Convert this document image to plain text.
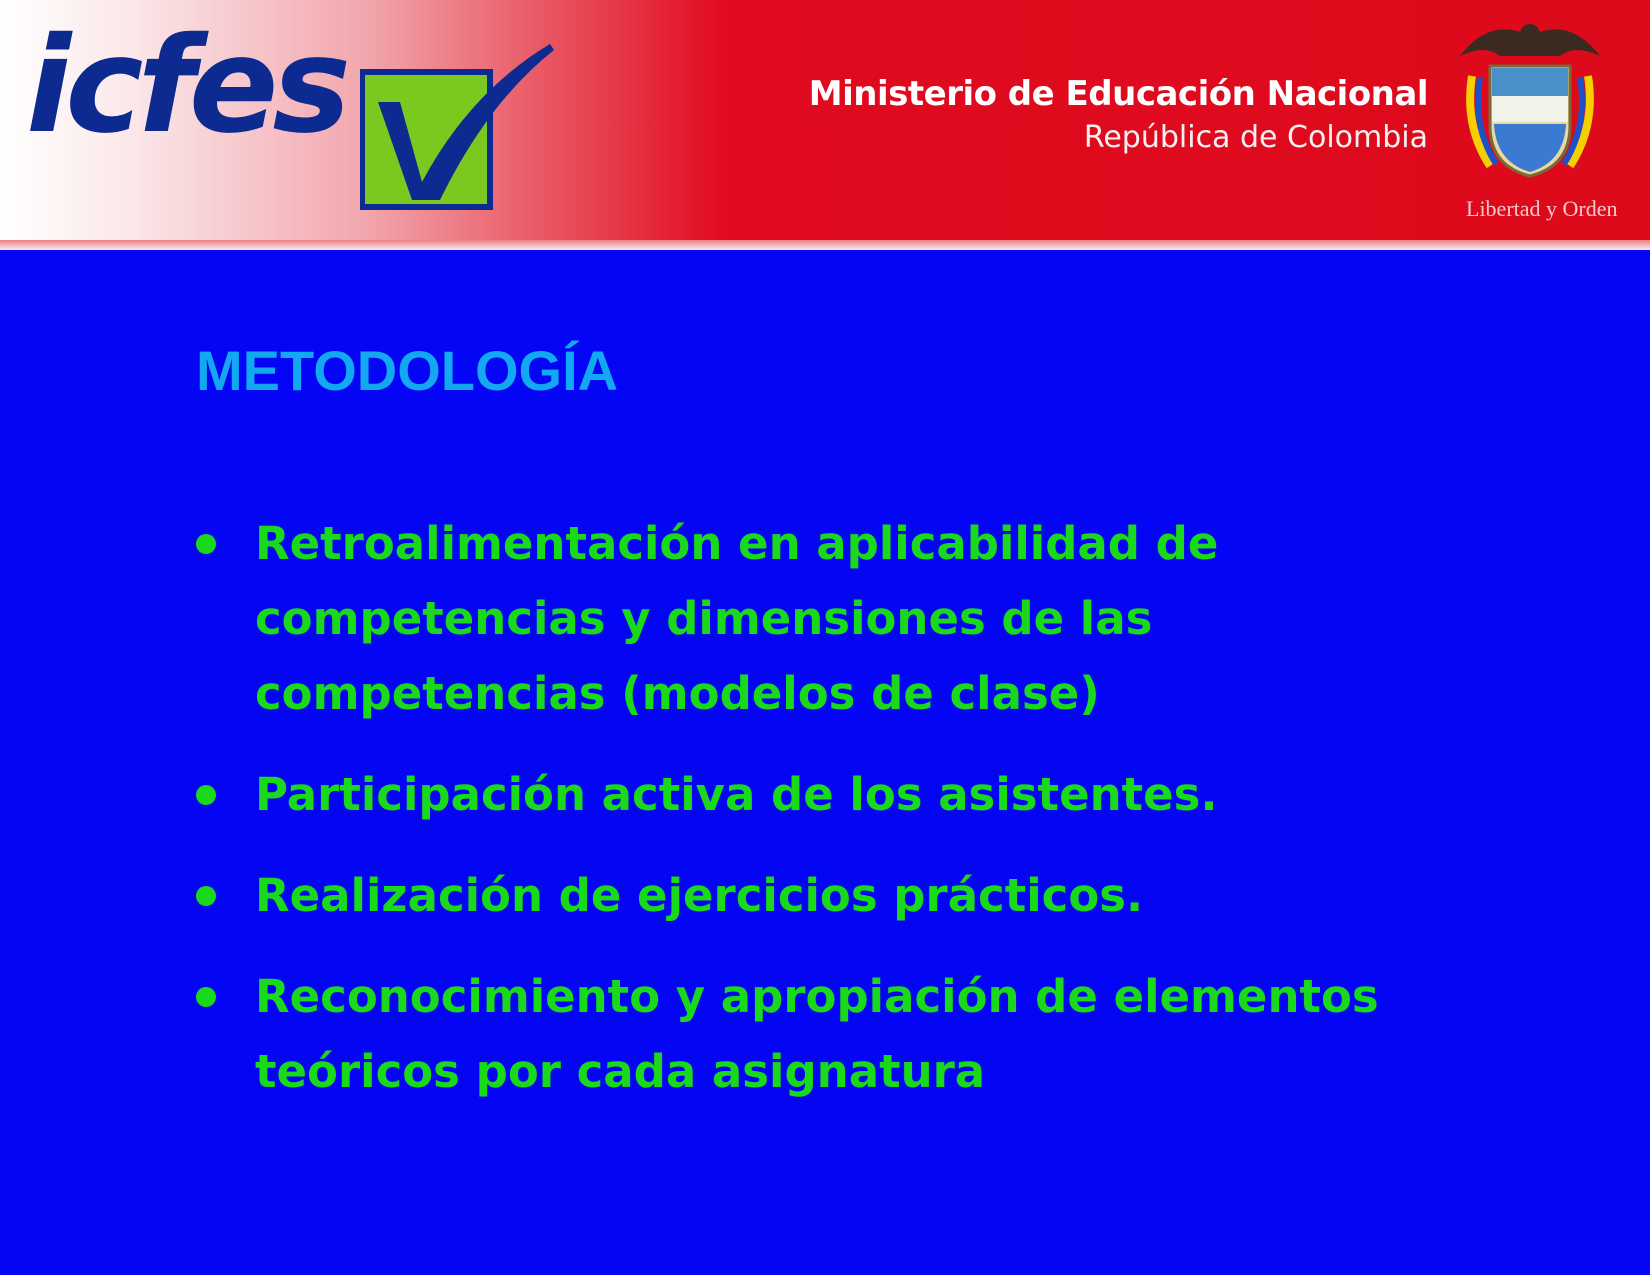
icfes	Ministerio de Educación Nacional
República de Colombia
Libertad y Orden
METODOLOGÍA
Retroalimentación en aplicabilidad de competencias y dimensiones de las competencias (modelos de clase)
Participación activa de los asistentes.
Realización de ejercicios prácticos.
Reconocimiento y apropiación de elementos teóricos por cada asignatura
